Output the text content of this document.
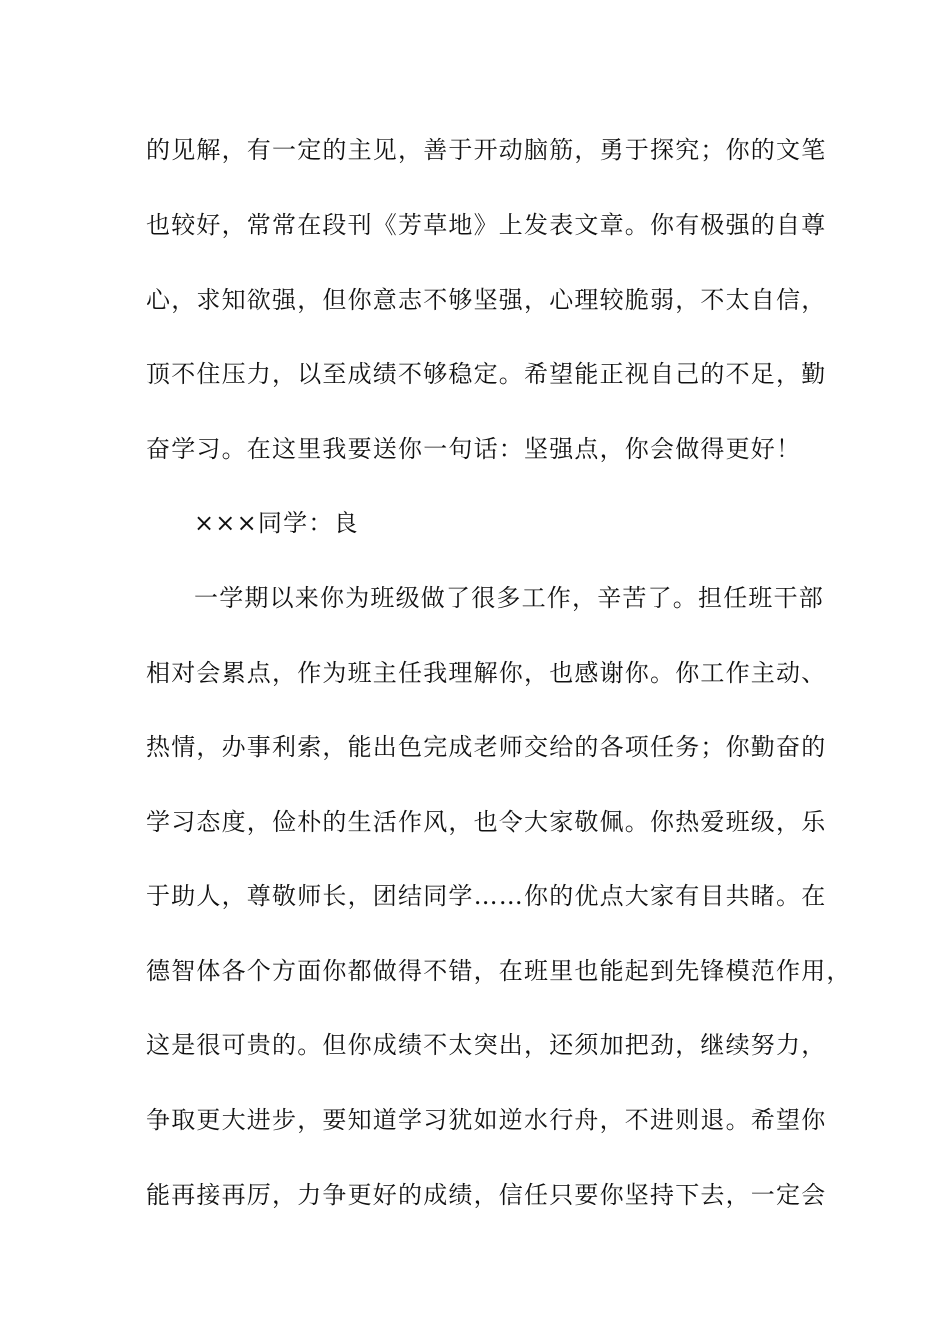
的见解，有一定的主见，善于开动脑筋，勇于探究；你的文笔
也较好，常常在段刊《芳草地》上发表文章。你有极强的自尊
心，求知欲强，但你意志不够坚强，心理较脆弱，不太自信，
顶不住压力，以至成绩不够稳定。希望能正视自己的不足，勤
奋学习。在这里我要送你一句话：坚强点，你会做得更好！
×××同学：良
一学期以来你为班级做了很多工作，辛苦了。担任班干部
相对会累点，作为班主任我理解你，也感谢你。你工作主动、
热情，办事利索，能出色完成老师交给的各项任务；你勤奋的
学习态度，俭朴的生活作风，也令大家敬佩。你热爱班级，乐
于助人，尊敬师长，团结同学……你的优点大家有目共睹。在
德智体各个方面你都做得不错，在班里也能起到先锋模范作用，
这是很可贵的。但你成绩不太突出，还须加把劲，继续努力，
争取更大进步，要知道学习犹如逆水行舟，不进则退。希望你
能再接再厉，力争更好的成绩，信任只要你坚持下去，一定会
